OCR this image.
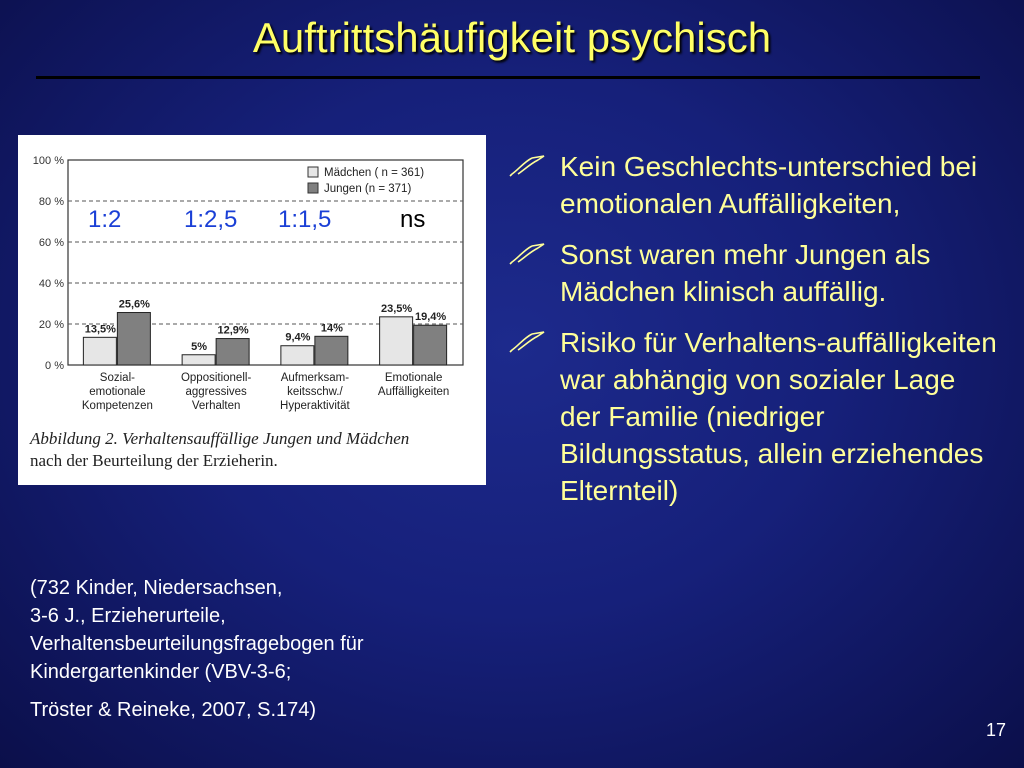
Auftrittshäufigkeit psychisch
0 %
20 %
40 %
60 %
80 %
100 %
Mädchen ( n = 361)
Jungen (n = 371)
13,5%
25,6%
Sozial-
emotionale
Kompetenzen
5%
12,9%
Oppositionell-
aggressives
Verhalten
9,4%
14%
Aufmerksam-
keitsschw./
Hyperaktivität
23,5%
19,4%
Emotionale
Auffälligkeiten
Abbildung 2. Verhaltensauffällige Jungen und Mädchen
nach der Beurteilung der Erzieherin.
1:2	1:2,5 1:1,5	ns
Kein Geschlechts-unterschied bei emotionalen Auffälligkeiten,
Sonst waren mehr Jungen als Mädchen klinisch auffällig.
Risiko für Verhaltens-auffälligkeiten war abhängig von sozialer Lage der Familie (niedriger Bildungsstatus, allein erziehendes Elternteil)

(732 Kinder, Niedersachsen,

3-6 J., Erzieherurteile,

Verhaltensbeurteilungsfragebogen für

Kindergartenkinder (VBV-3-6;

Tröster & Reineke, 2007, S.174)

17
